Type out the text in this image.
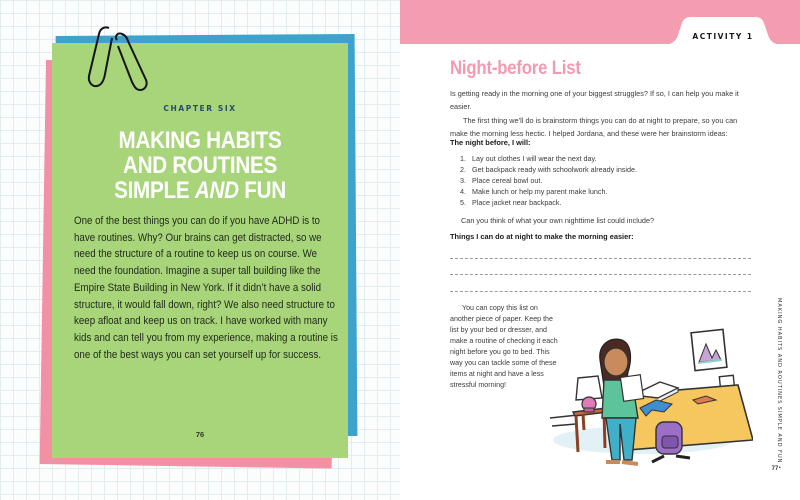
CHAPTER SIX
MAKING HABITS
AND ROUTINES
SIMPLE AND FUN

One of the best things you can do if you have ADHD is to have routines. Why? Our brains can get distracted, so we need the structure of a routine to keep us on course. We need the foundation. Imagine a super tall building like the Empire State Building in New York. If it didn’t have a solid structure, it would fall down, right? We also need structure to keep afloat and keep us on track. I have worked with many kids and can tell you from my experience, making a routine is one of the best ways you can set yourself up for success.

76
ACTIVITY 1
Night-before List

Is getting ready in the morning one of your biggest struggles? If so, I can help you make it easier.

The first thing we’ll do is brainstorm things you can do at night to prepare, so you can make the morning less hectic. I helped Jordana, and these were her brainstorm ideas:

The night before, I will:
1. Lay out clothes I will wear the next day.
2. Get backpack ready with schoolwork already inside.
3. Place cereal bowl out.
4. Make lunch or help my parent make lunch.
5. Place jacket near backpack.

Can you think of what your own nighttime list could include?

Things I can do at night to make the morning easier:

You can copy this list on another piece of paper. Keep the list by your bed or dresser, and make a routine of checking it each night before you go to bed. This way you can tackle some of these items at night and have a less stressful morning!

77
MAKING HABITS AND ROUTINES SIMPLE AND FUN •
